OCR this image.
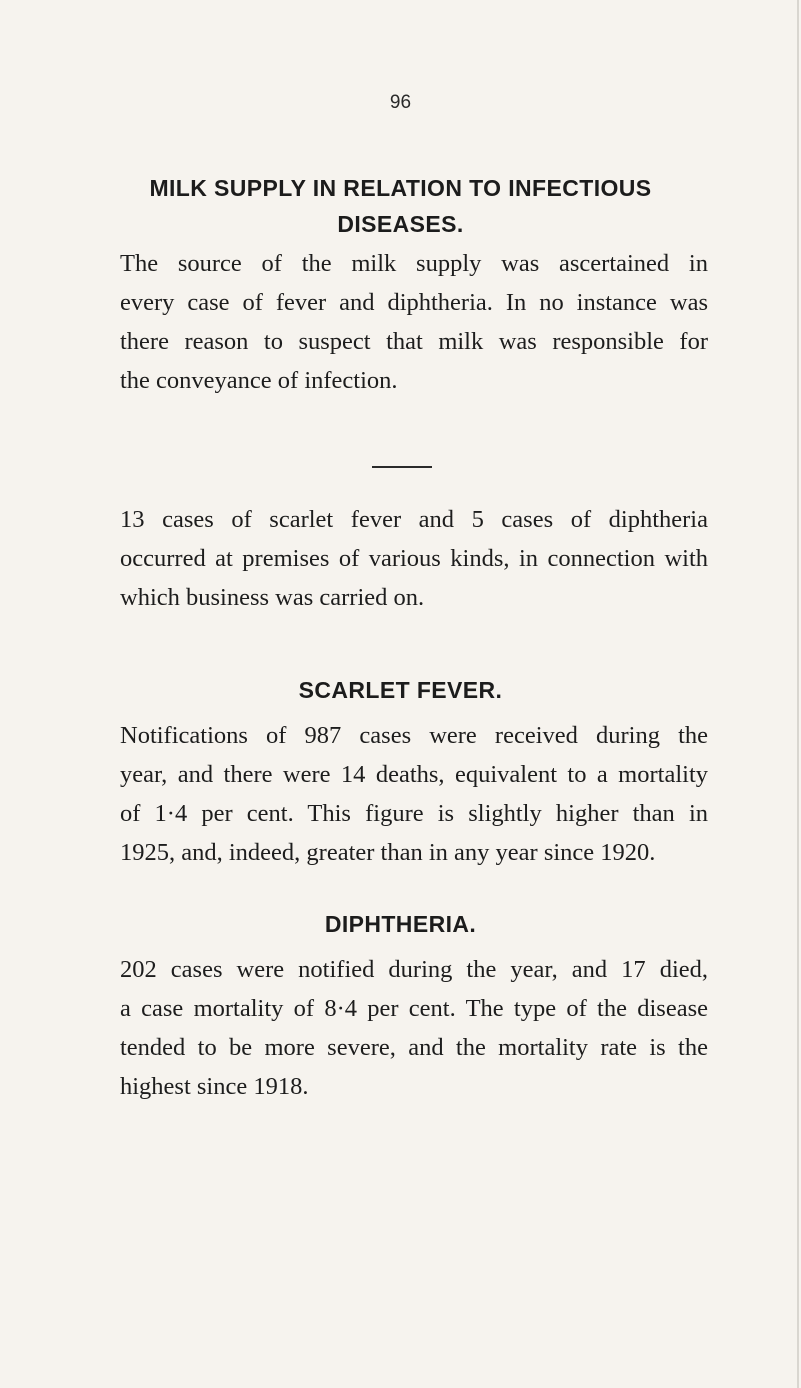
96
MILK SUPPLY IN RELATION TO INFECTIOUS
DISEASES.

The source of the milk supply was ascertained in
every case of fever and diphtheria. In no instance was
there reason to suspect that milk was responsible for
the conveyance of infection.

13 cases of scarlet fever and 5 cases of diphtheria
occurred at premises of various kinds, in connection with
which business was carried on.

SCARLET FEVER.

Notifications of 987 cases were received during the
year, and there were 14 deaths, equivalent to a mortality
of 1·4 per cent. This figure is slightly higher than in
1925, and, indeed, greater than in any year since 1920.

DIPHTHERIA.

202 cases were notified during the year, and 17 died,
a case mortality of 8·4 per cent. The type of the disease
tended to be more severe, and the mortality rate is the
highest since 1918.
